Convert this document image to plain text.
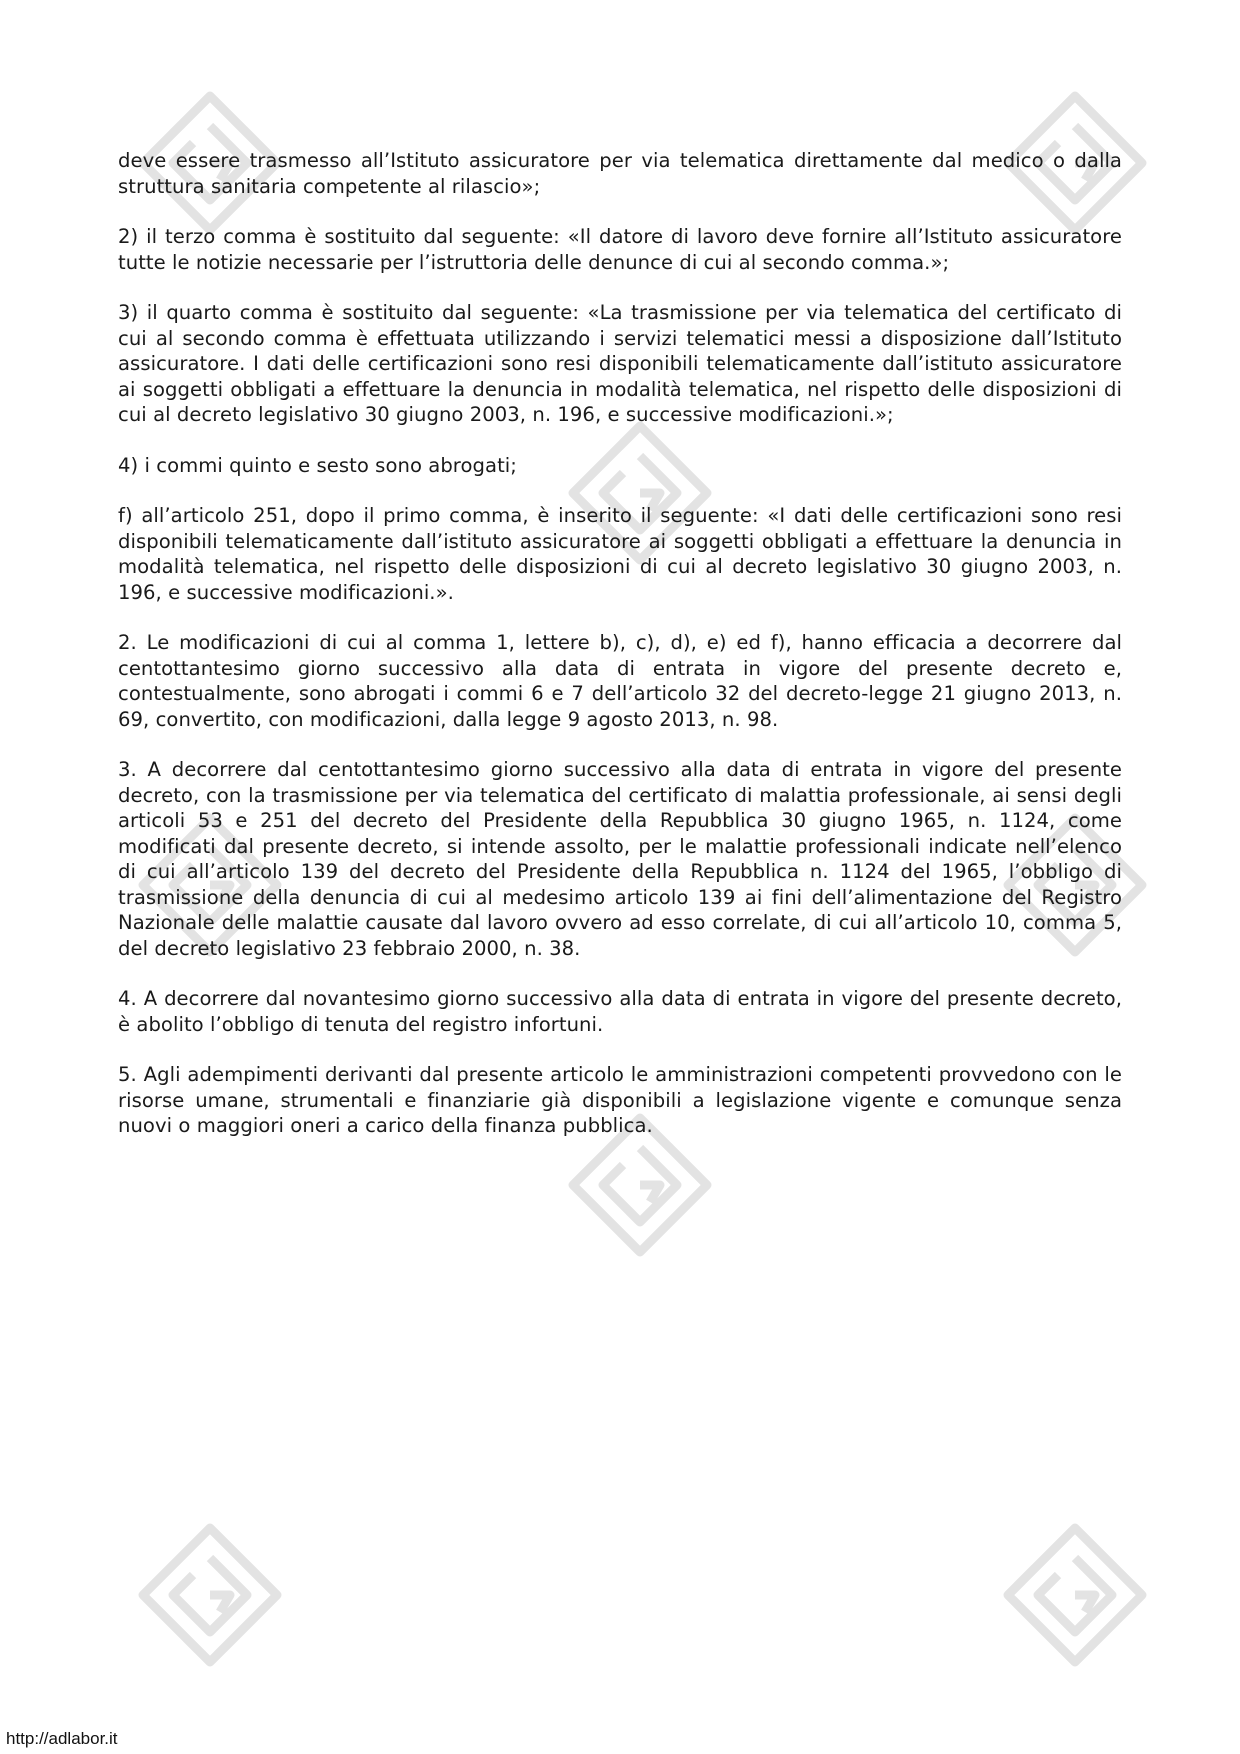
deve essere trasmesso all’Istituto assicuratore per via telematica direttamente dal medico o dalla struttura sanitaria competente al rilascio»;

2) il terzo comma è sostituito dal seguente: «Il datore di lavoro deve fornire all’Istituto assicuratore tutte le notizie necessarie per l’istruttoria delle denunce di cui al secondo comma.»;

3) il quarto comma è sostituito dal seguente: «La trasmissione per via telematica del certificato di cui al secondo comma è effettuata utilizzando i servizi telematici messi a disposizione dall’Istituto assicuratore. I dati delle certificazioni sono resi disponibili telematicamente dall’istituto assicuratore ai soggetti obbligati a effettuare la denuncia in modalità telematica, nel rispetto delle disposizioni di cui al decreto legislativo 30 giugno 2003, n. 196, e successive modificazioni.»;

4) i commi quinto e sesto sono abrogati;

f) all’articolo 251, dopo il primo comma, è inserito il seguente: «I dati delle certificazioni sono resi disponibili telematicamente dall’istituto assicuratore ai soggetti obbligati a effettuare la denuncia in modalità telematica, nel rispetto delle disposizioni di cui al decreto legislativo 30 giugno 2003, n. 196, e successive modificazioni.».

2. Le modificazioni di cui al comma 1, lettere b), c), d), e) ed f), hanno efficacia a decorrere dal centottantesimo giorno successivo alla data di entrata in vigore del presente decreto e, contestualmente, sono abrogati i commi 6 e 7 dell’articolo 32 del decreto-legge 21 giugno 2013, n. 69, convertito, con modificazioni, dalla legge 9 agosto 2013, n. 98.

3. A decorrere dal centottantesimo giorno successivo alla data di entrata in vigore del presente decreto, con la trasmissione per via telematica del certificato di malattia professionale, ai sensi degli articoli 53 e 251 del decreto del Presidente della Repubblica 30 giugno 1965, n. 1124, come modificati dal presente decreto, si intende assolto, per le malattie professionali indicate nell’elenco di cui all’articolo 139 del decreto del Presidente della Repubblica n. 1124 del 1965, l’obbligo di trasmissione della denuncia di cui al medesimo articolo 139 ai fini dell’alimentazione del Registro Nazionale delle malattie causate dal lavoro ovvero ad esso correlate, di cui all’articolo 10, comma 5, del decreto legislativo 23 febbraio 2000, n. 38.

4. A decorrere dal novantesimo giorno successivo alla data di entrata in vigore del presente decreto, è abolito l’obbligo di tenuta del registro infortuni.

5. Agli adempimenti derivanti dal presente articolo le amministrazioni competenti provvedono con le risorse umane, strumentali e finanziarie già disponibili a legislazione vigente e comunque senza nuovi o maggiori oneri a carico della finanza pubblica.

http://adlabor.it
